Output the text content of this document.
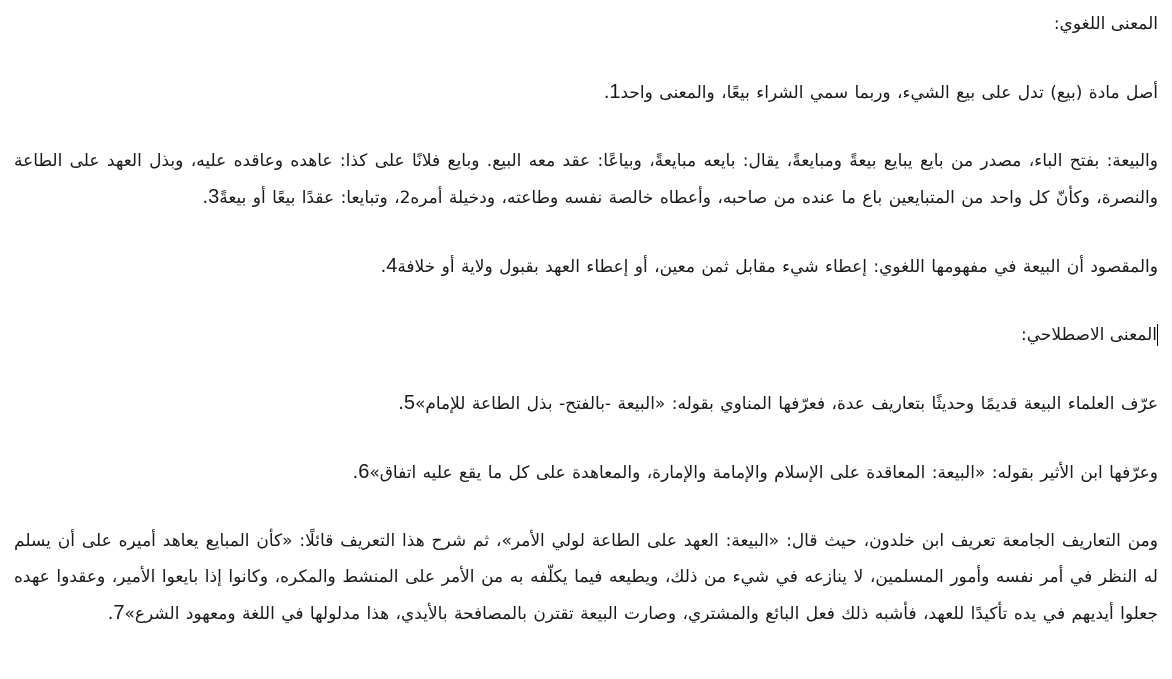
المعنى اللغوي:

أصل مادة (بيع) تدل على بيع الشيء، وربما سمي الشراء بيعًا، والمعنى واحد1.

والبيعة: بفتح الباء، مصدر من بايع يبايع بيعةً ومبايعةً، يقال: بايعه مبايعةً، وبياعًا: عقد معه البيع. وبايع فلانًا على كذا: عاهده وعاقده عليه، وبذل العهد على الطاعة والنصرة، وكأنّ كل واحد من المتبايعين باع ما عنده من صاحبه، وأعطاه خالصة نفسه وطاعته، ودخيلة أمره2، وتبايعا: عقدًا بيعًا أو بيعةً3.

والمقصود أن البيعة في مفهومها اللغوي: إعطاء شيء مقابل ثمن معين، أو إعطاء العهد بقبول ولاية أو خلافة4.

المعنى الاصطلاحي:

عرّف العلماء البيعة قديمًا وحديثًا بتعاريف عدة، فعرّفها المناوي بقوله: «البيعة -بالفتح- بذل الطاعة للإمام»5.

وعرّفها ابن الأثير بقوله: «البيعة: المعاقدة على الإسلام والإمامة والإمارة، والمعاهدة على كل ما يقع عليه اتفاق»6.

ومن التعاريف الجامعة تعريف ابن خلدون، حيث قال: «البيعة: العهد على الطاعة لولي الأمر»، ثم شرح هذا التعريف قائلًا: «كأن المبايع يعاهد أميره على أن يسلم له النظر في أمر نفسه وأمور المسلمين، لا ينازعه في شيء من ذلك، ويطيعه فيما يكلّفه به من الأمر على المنشط والمكره، وكانوا إذا بايعوا الأمير، وعقدوا عهده جعلوا أيديهم في يده تأكيدًا للعهد، فأشبه ذلك فعل البائع والمشتري، وصارت البيعة تقترن بالمصافحة بالأيدي، هذا مدلولها في اللغة ومعهود الشرع»7.
